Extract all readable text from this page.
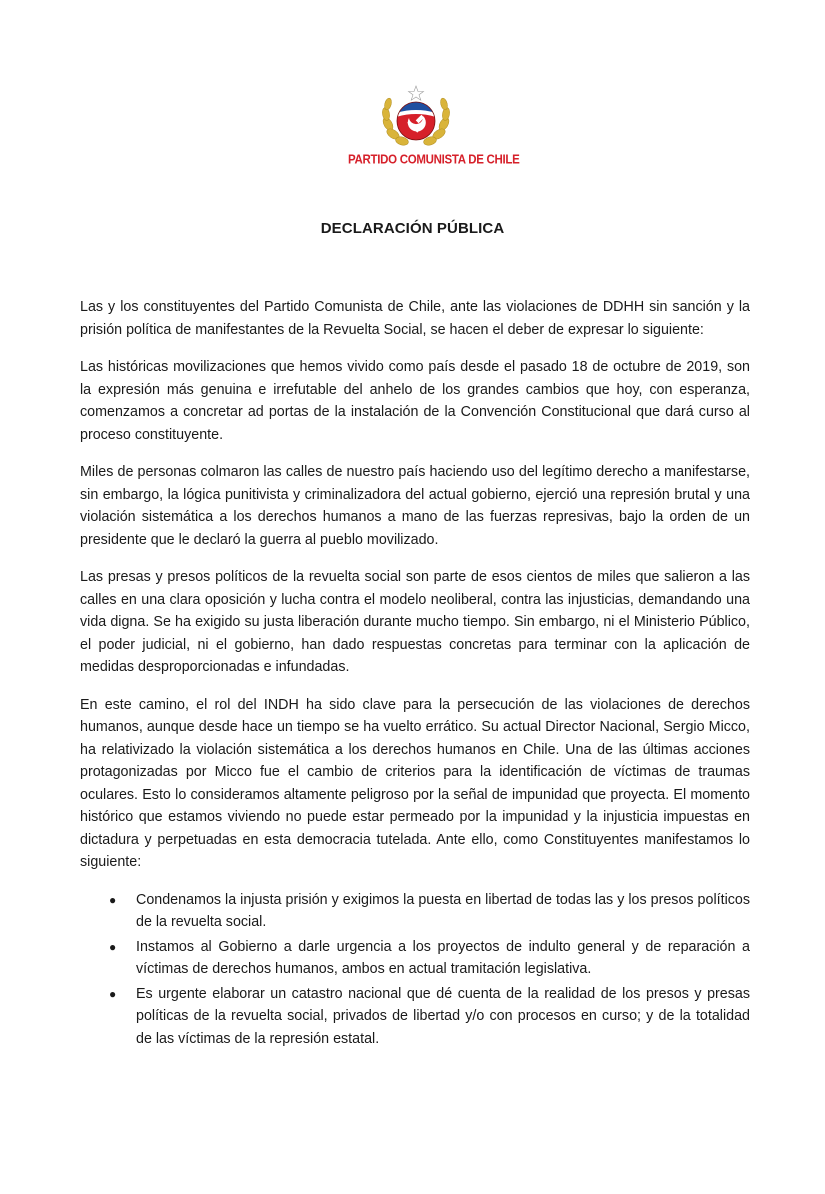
PARTIDO COMUNISTA DE CHILE
DECLARACIÓN PÚBLICA

Las y los constituyentes del Partido Comunista de Chile, ante las violaciones de DDHH sin sanción y la prisión política de manifestantes de la Revuelta Social, se hacen el deber de expresar lo siguiente:

Las históricas movilizaciones que hemos vivido como país desde el pasado 18 de octubre de 2019, son la expresión más genuina e irrefutable del anhelo de los grandes cambios que hoy, con esperanza, comenzamos a concretar ad portas de la instalación de la Convención Constitucional que dará curso al proceso constituyente.

Miles de personas colmaron las calles de nuestro país haciendo uso del legítimo derecho a manifestarse, sin embargo, la lógica punitivista y criminalizadora del actual gobierno, ejerció una represión brutal y una violación sistemática a los derechos humanos a mano de las fuerzas represivas, bajo la orden de un presidente que le declaró la guerra al pueblo movilizado.

Las presas y presos políticos de la revuelta social son parte de esos cientos de miles que salieron a las calles en una clara oposición y lucha contra el modelo neoliberal, contra las injusticias, demandando una vida digna. Se ha exigido su justa liberación durante mucho tiempo. Sin embargo, ni el Ministerio Público, el poder judicial, ni el gobierno, han dado respuestas concretas para terminar con la aplicación de medidas desproporcionadas e infundadas.

En este camino, el rol del INDH ha sido clave para la persecución de las violaciones de derechos humanos, aunque desde hace un tiempo se ha vuelto errático. Su actual Director Nacional, Sergio Micco, ha relativizado la violación sistemática a los derechos humanos en Chile. Una de las últimas acciones protagonizadas por Micco fue el cambio de criterios para la identificación de víctimas de traumas oculares. Esto lo consideramos altamente peligroso por la señal de impunidad que proyecta. El momento histórico que estamos viviendo no puede estar permeado por la impunidad y la injusticia impuestas en dictadura y perpetuadas en esta democracia tutelada. Ante ello, como Constituyentes manifestamos lo siguiente:

● Condenamos la injusta prisión y exigimos la puesta en libertad de todas las y los presos políticos de la revuelta social.
● Instamos al Gobierno a darle urgencia a los proyectos de indulto general y de reparación a víctimas de derechos humanos, ambos en actual tramitación legislativa.
● Es urgente elaborar un catastro nacional que dé cuenta de la realidad de los presos y presas políticas de la revuelta social, privados de libertad y/o con procesos en curso; y de la totalidad de las víctimas de la represión estatal.
